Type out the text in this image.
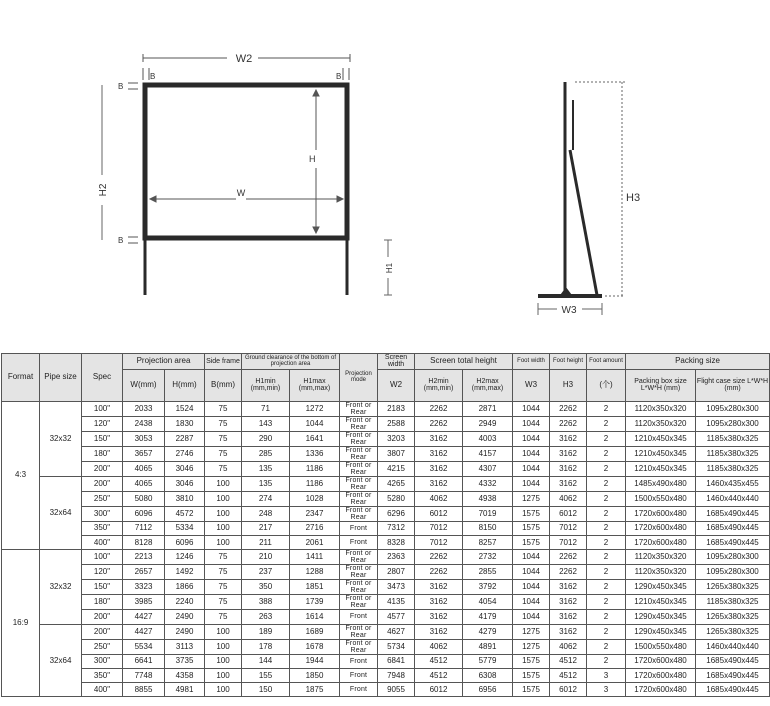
W2
B	B
B
B
H2	W
H
H1
H3
W3
Format	Pipe size	Spec	Projection area		Side frame	Ground clearance of the bottom of projection area		Projection mode	Screen width	Screen total height		Foot width	Foot height	Foot amount	Packing size	
			W(mm)	H(mm)	B(mm)	H1min (mm,min)	H1max (mm,max)		W2	H2min (mm,min)	H2max (mm,max)	W3	H3	(个)	Packing box size L*W*H (mm)	Flight case size L*W*H (mm)
4:3	32x32	100"	2033	1524	75	71	1272	Front or Rear	2183	2262	2871	1044	2262	2	1120x350x320	1095x280x300
		120"	2438	1830	75	143	1044	Front or Rear	2588	2262	2949	1044	2262	2	1120x350x320	1095x280x300
		150"	3053	2287	75	290	1641	Front or Rear	3203	3162	4003	1044	3162	2	1210x450x345	1185x380x325
		180"	3657	2746	75	285	1336	Front or Rear	3807	3162	4157	1044	3162	2	1210x450x345	1185x380x325
		200"	4065	3046	75	135	1186	Front or Rear	4215	3162	4307	1044	3162	2	1210x450x345	1185x380x325
	32x64	200"	4065	3046	100	135	1186	Front or Rear	4265	3162	4332	1044	3162	2	1485x490x480	1460x435x455
		250"	5080	3810	100	274	1028	Front or Rear	5280	4062	4938	1275	4062	2	1500x550x480	1460x440x440
		300"	6096	4572	100	248	2347	Front or Rear	6296	6012	7019	1575	6012	2	1720x600x480	1685x490x445
		350"	7112	5334	100	217	2716	Front	7312	7012	8150	1575	7012	2	1720x600x480	1685x490x445
		400"	8128	6096	100	211	2061	Front	8328	7012	8257	1575	7012	2	1720x600x480	1685x490x445
16:9	32x32	100"	2213	1246	75	210	1411	Front or Rear	2363	2262	2732	1044	2262	2	1120x350x320	1095x280x300
		120"	2657	1492	75	237	1288	Front or Rear	2807	2262	2855	1044	2262	2	1120x350x320	1095x280x300
		150"	3323	1866	75	350	1851	Front or Rear	3473	3162	3792	1044	3162	2	1290x450x345	1265x380x325
		180"	3985	2240	75	388	1739	Front or Rear	4135	3162	4054	1044	3162	2	1210x450x345	1185x380x325
		200"	4427	2490	75	263	1614	Front	4577	3162	4179	1044	3162	2	1290x450x345	1265x380x325
	32x64	200"	4427	2490	100	189	1689	Front or Rear	4627	3162	4279	1275	3162	2	1290x450x345	1265x380x325
		250"	5534	3113	100	178	1678	Front or Rear	5734	4062	4891	1275	4062	2	1500x550x480	1460x440x440
		300"	6641	3735	100	144	1944	Front	6841	4512	5779	1575	4512	2	1720x600x480	1685x490x445
		350"	7748	4358	100	155	1850	Front	7948	4512	6308	1575	4512	3	1720x600x480	1685x490x445
		400"	8855	4981	100	150	1875	Front	9055	6012	6956	1575	6012	3	1720x600x480	1685x490x445
